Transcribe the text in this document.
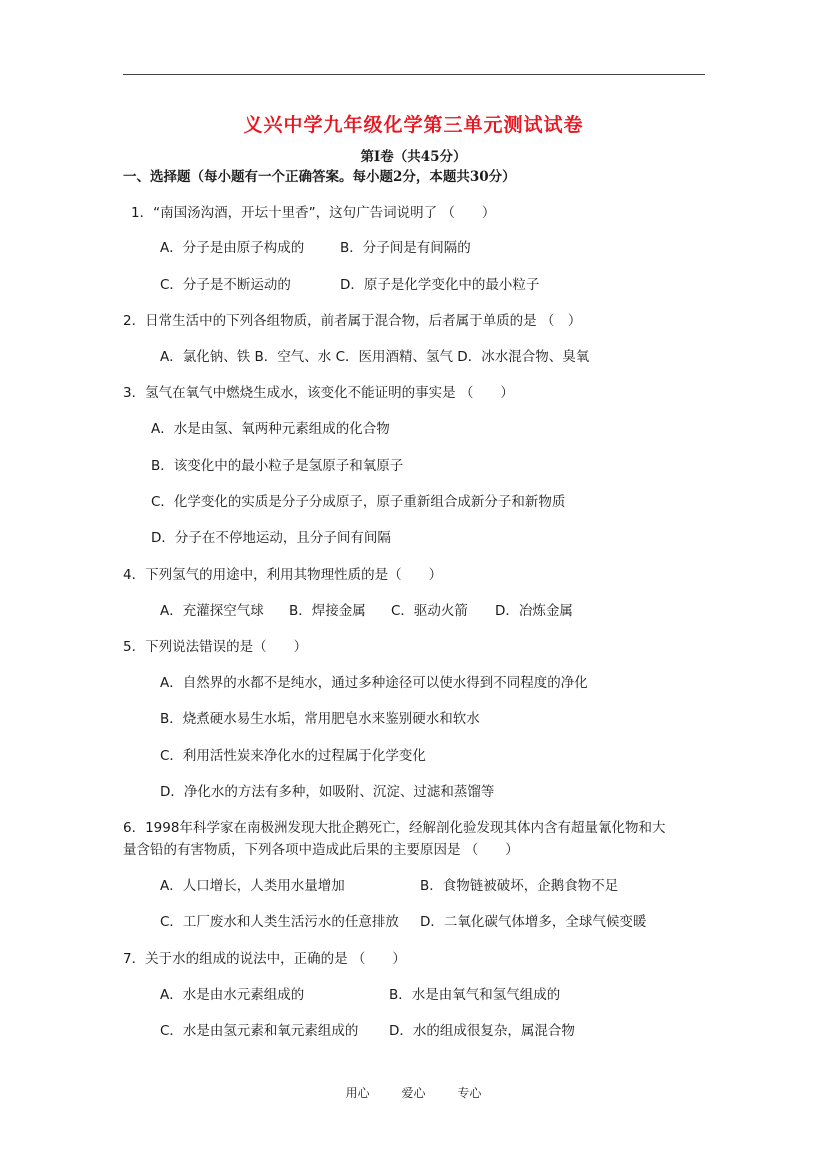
义兴中学九年级化学第三单元测试试卷
第Ⅰ卷（共45分）
一、选择题（每小题有一个正确答案。每小题2分，本题共30分）
1．“南国汤沟酒，开坛十里香”，这句广告词说明了 （　　）
A．分子是由原子构成的	B．分子间是有间隔的
C．分子是不断运动的	D．原子是化学变化中的最小粒子
2．日常生活中的下列各组物质，前者属于混合物，后者属于单质的是 （　）
A．氯化钠、铁 B．空气、水 C．医用酒精、氢气 D．冰水混合物、臭氧
3．氢气在氧气中燃烧生成水，该变化不能证明的事实是 （　　）
A．水是由氢、氧两种元素组成的化合物
B．该变化中的最小粒子是氢原子和氧原子
C．化学变化的实质是分子分成原子，原子重新组合成新分子和新物质
D．分子在不停地运动，且分子间有间隔
4．下列氢气的用途中，利用其物理性质的是（　　）
A．充灌探空气球 B．焊接金属 C．驱动火箭 D．冶炼金属
5．下列说法错误的是（　　）
A．自然界的水都不是纯水，通过多种途径可以使水得到不同程度的净化
B．烧煮硬水易生水垢，常用肥皂水来鉴别硬水和软水
C．利用活性炭来净化水的过程属于化学变化
D．净化水的方法有多种，如吸附、沉淀、过滤和蒸馏等
6．1998年科学家在南极洲发现大批企鹅死亡，经解剖化验发现其体内含有超量氰化物和大
量含铅的有害物质，下列各项中造成此后果的主要原因是 （　　）
A．人口增长，人类用水量增加	B．食物链被破坏，企鹅食物不足
C．工厂废水和人类生活污水的任意排放 D．二氧化碳气体增多，全球气候变暖
7．关于水的组成的说法中，正确的是 （　　）
A．水是由水元素组成的	B．水是由氧气和氢气组成的
C．水是由氢元素和氧元素组成的 D．水的组成很复杂，属混合物
用心	爱心	专心
